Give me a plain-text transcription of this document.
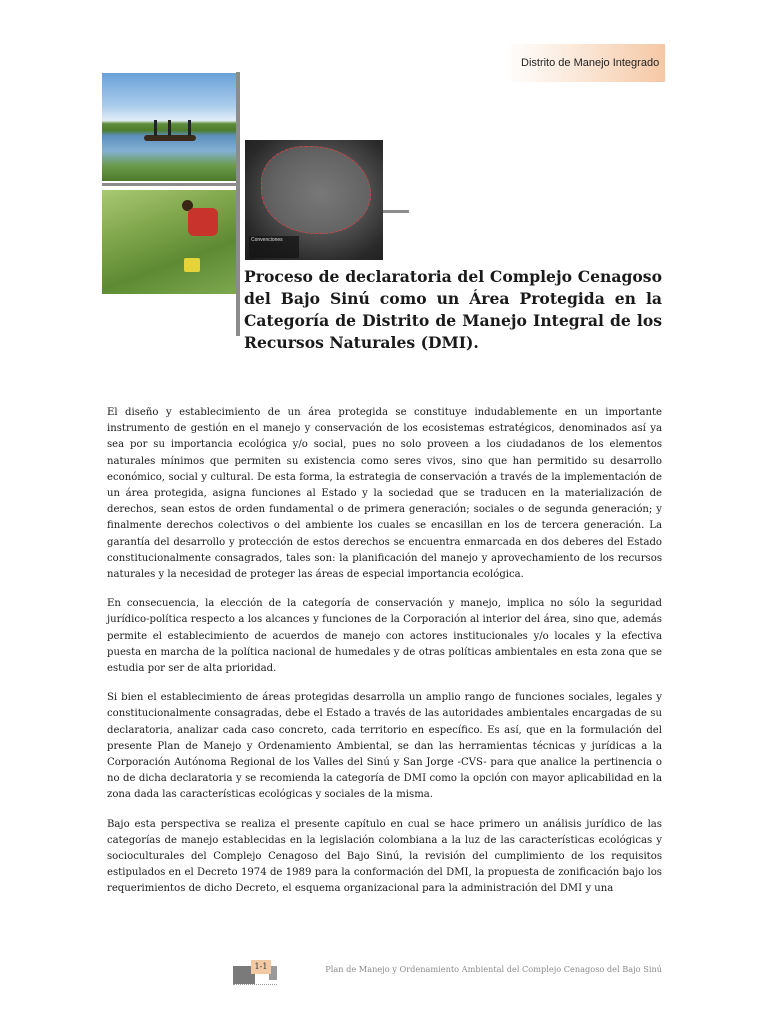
Distrito de Manejo Integrado
Convenciones
Proceso de declaratoria del Complejo Cenagoso del Bajo Sinú como un Área Protegida en la Categoría de Distrito de Manejo Integral de los Recursos Naturales (DMI).

El diseño y establecimiento de un área protegida se constituye indudablemente en un importante instrumento de gestión en el manejo y conservación de los ecosistemas estratégicos, denominados así ya sea por su importancia ecológica y/o social, pues no solo proveen a los ciudadanos de los elementos naturales mínimos que permiten su existencia como seres vivos, sino que han permitido su desarrollo económico, social y cultural. De esta forma, la estrategia de conservación a través de la implementación de un área protegida, asigna funciones al Estado y la sociedad que se traducen en la materialización de derechos, sean estos de orden fundamental o de primera generación; sociales o de segunda generación; y finalmente derechos colectivos o del ambiente los cuales se encasillan en los de tercera generación. La garantía del desarrollo y protección de estos derechos se encuentra enmarcada en dos deberes del Estado constitucionalmente consagrados, tales son: la planificación del manejo y aprovechamiento de los recursos naturales y la necesidad de proteger las áreas de especial importancia ecológica.

En consecuencia, la elección de la categoría de conservación y manejo, implica no sólo la seguridad jurídico-política respecto a los alcances y funciones de la Corporación al interior del área, sino que, además permite el establecimiento de acuerdos de manejo con actores institucionales y/o locales y la efectiva puesta en marcha de la política nacional de humedales y de otras políticas ambientales en esta zona que se estudia por ser de alta prioridad.

Si bien el establecimiento de áreas protegidas desarrolla un amplio rango de funciones sociales, legales y constitucionalmente consagradas, debe el Estado a través de las autoridades ambientales encargadas de su declaratoria, analizar cada caso concreto, cada territorio en específico. Es así, que en la formulación del presente Plan de Manejo y Ordenamiento Ambiental, se dan las herramientas técnicas y jurídicas a la Corporación Autónoma Regional de los Valles del Sinú y San Jorge -CVS- para que analice la pertinencia o no de dicha declaratoria y se recomienda la categoría de DMI como la opción con mayor aplicabilidad en la zona dada las características ecológicas y sociales de la misma.

Bajo esta perspectiva se realiza el presente capítulo en cual se hace primero un análisis jurídico de las categorías de manejo establecidas en la legislación colombiana a la luz de las características ecológicas y socioculturales del Complejo Cenagoso del Bajo Sinú, la revisión del cumplimiento de los requisitos estipulados en el Decreto 1974 de 1989 para la conformación del DMI, la propuesta de zonificación bajo los requerimientos de dicho Decreto, el esquema organizacional para la administración del DMI y una

1-1	Plan de Manejo y Ordenamiento Ambiental del Complejo Cenagoso del Bajo Sinú
